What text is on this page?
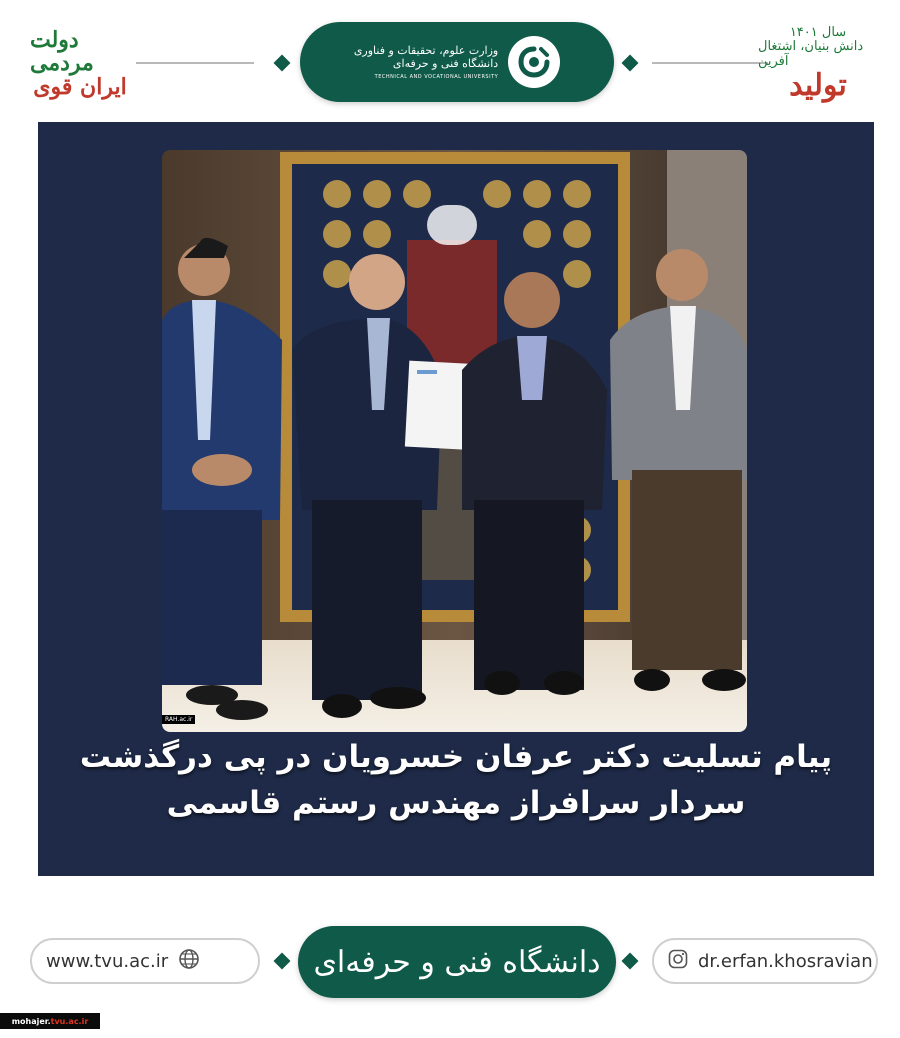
دولت مردمی
ایران قوی
وزارت علوم، تحقیقات و فناوری
دانشگاه فنی و حرفه‌ای
TECHNICAL AND VOCATIONAL UNIVERSITY
سال ۱۴۰۱
دانش بنیان، اشتغال آفرین
تولید
RAH.ac.ir
پیام تسلیت دکتر عرفان خسرویان در پی درگذشت
سردار سرافراز مهندس رستم قاسمی
www.tvu.ac.ir	دانشگاه فنی و حرفه‌ای	dr.erfan.khosravian
mohajer. tvu.ac.ir
